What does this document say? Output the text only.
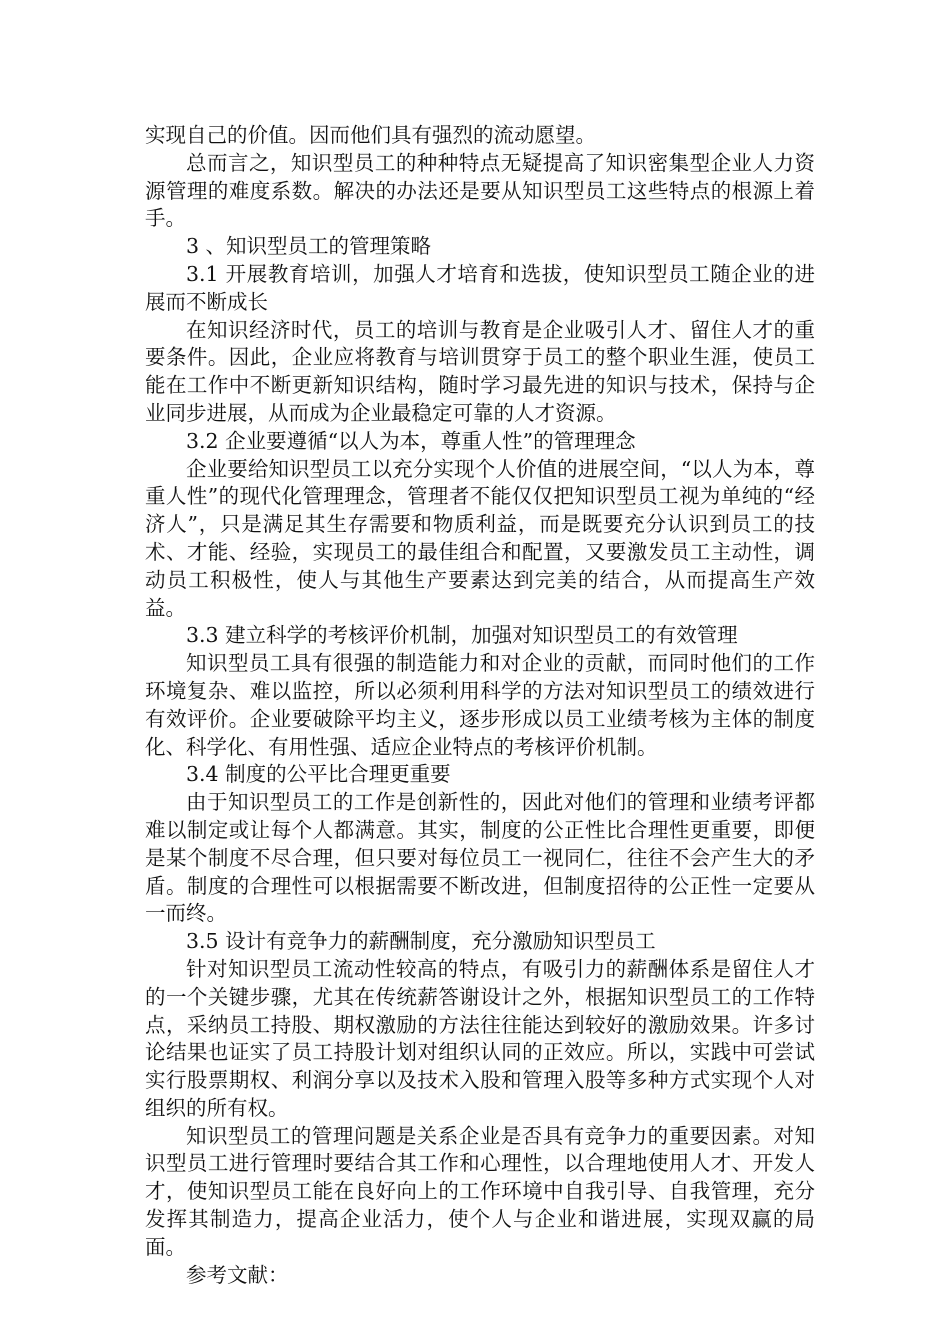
实现自己的价值。因而他们具有强烈的流动愿望。

总而言之，知识型员工的种种特点无疑提高了知识密集型企业人力资源管理的难度系数。解决的办法还是要从知识型员工这些特点的根源上着手。

3 、知识型员工的管理策略

3.1 开展教育培训，加强人才培育和选拔，使知识型员工随企业的进展而不断成长

在知识经济时代，员工的培训与教育是企业吸引人才、留住人才的重要条件。因此，企业应将教育与培训贯穿于员工的整个职业生涯，使员工能在工作中不断更新知识结构，随时学习最先进的知识与技术，保持与企业同步进展，从而成为企业最稳定可靠的人才资源。

3.2 企业要遵循“以人为本，尊重人性”的管理理念

企业要给知识型员工以充分实现个人价值的进展空间，“以人为本，尊重人性”的现代化管理理念，管理者不能仅仅把知识型员工视为单纯的“经济人”，只是满足其生存需要和物质利益，而是既要充分认识到员工的技术、才能、经验，实现员工的最佳组合和配置，又要激发员工主动性，调动员工积极性，使人与其他生产要素达到完美的结合，从而提高生产效益。

3.3 建立科学的考核评价机制，加强对知识型员工的有效管理

知识型员工具有很强的制造能力和对企业的贡献，而同时他们的工作环境复杂、难以监控，所以必须利用科学的方法对知识型员工的绩效进行有效评价。企业要破除平均主义，逐步形成以员工业绩考核为主体的制度化、科学化、有用性强、适应企业特点的考核评价机制。

3.4 制度的公平比合理更重要

由于知识型员工的工作是创新性的，因此对他们的管理和业绩考评都难以制定或让每个人都满意。其实，制度的公正性比合理性更重要，即便是某个制度不尽合理，但只要对每位员工一视同仁，往往不会产生大的矛盾。制度的合理性可以根据需要不断改进，但制度招待的公正性一定要从一而终。

3.5 设计有竞争力的薪酬制度，充分激励知识型员工

针对知识型员工流动性较高的特点，有吸引力的薪酬体系是留住人才的一个关键步骤，尤其在传统薪答谢设计之外，根据知识型员工的工作特点，采纳员工持股、期权激励的方法往往能达到较好的激励效果。许多讨论结果也证实了员工持股计划对组织认同的正效应。所以，实践中可尝试实行股票期权、利润分享以及技术入股和管理入股等多种方式实现个人对组织的所有权。

知识型员工的管理问题是关系企业是否具有竞争力的重要因素。对知识型员工进行管理时要结合其工作和心理性，以合理地使用人才、开发人才，使知识型员工能在良好向上的工作环境中自我引导、自我管理，充分发挥其制造力，提高企业活力，使个人与企业和谐进展，实现双赢的局面。

参考文献：
